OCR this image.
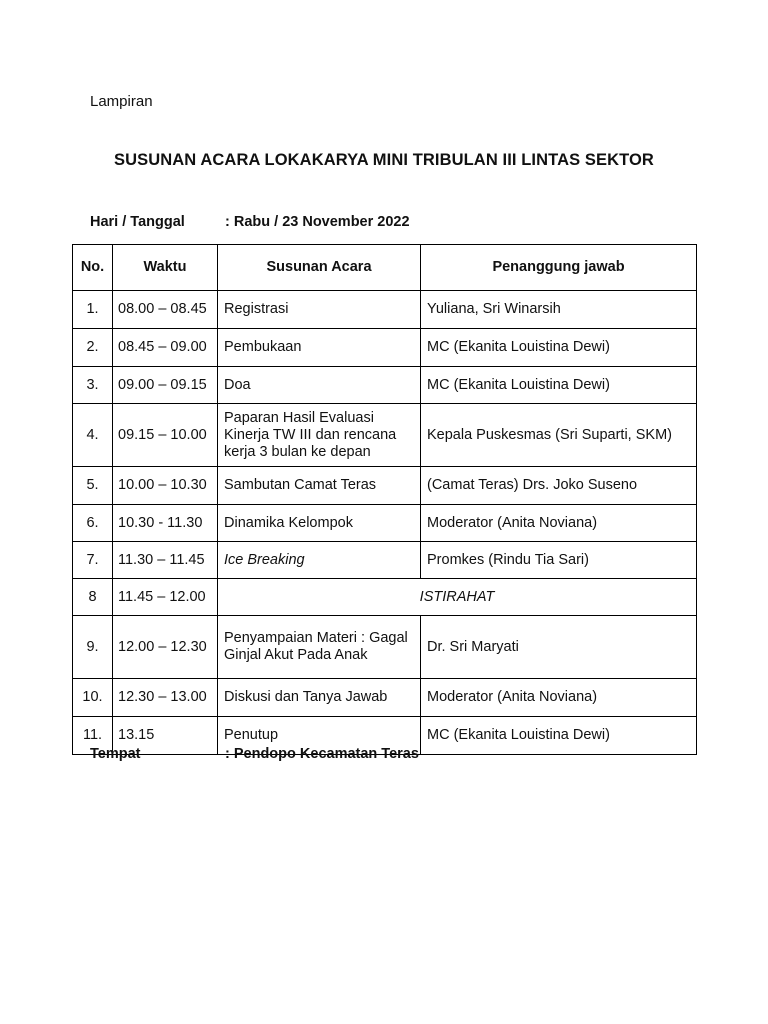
Lampiran
SUSUNAN ACARA LOKAKARYA MINI TRIBULAN III LINTAS SEKTOR
Hari / Tanggal	: Rabu / 23 November 2022
No.	Waktu	Susunan Acara	Penanggung jawab
1.	08.00 – 08.45	Registrasi	Yuliana, Sri Winarsih
2.	08.45 – 09.00	Pembukaan	MC (Ekanita Louistina Dewi)
3.	09.00 – 09.15	Doa	MC (Ekanita Louistina Dewi)
4.	09.15 – 10.00	Paparan Hasil Evaluasi Kinerja TW III dan rencana kerja 3 bulan ke depan	Kepala Puskesmas (Sri Suparti, SKM)
5.	10.00 – 10.30	Sambutan Camat Teras	(Camat Teras) Drs. Joko Suseno
6.	10.30 - 11.30	Dinamika Kelompok	Moderator (Anita Noviana)
7.	11.30 – 11.45	Ice Breaking	Promkes (Rindu Tia Sari)
8	11.45 – 12.00	ISTIRAHAT	
9.	12.00 – 12.30	Penyampaian Materi : Gagal Ginjal Akut Pada Anak	Dr. Sri Maryati
10.	12.30 – 13.00	Diskusi dan Tanya Jawab	Moderator (Anita Noviana)
11.	13.15	Penutup	MC (Ekanita Louistina Dewi)
Tempat	: Pendopo Kecamatan Teras
